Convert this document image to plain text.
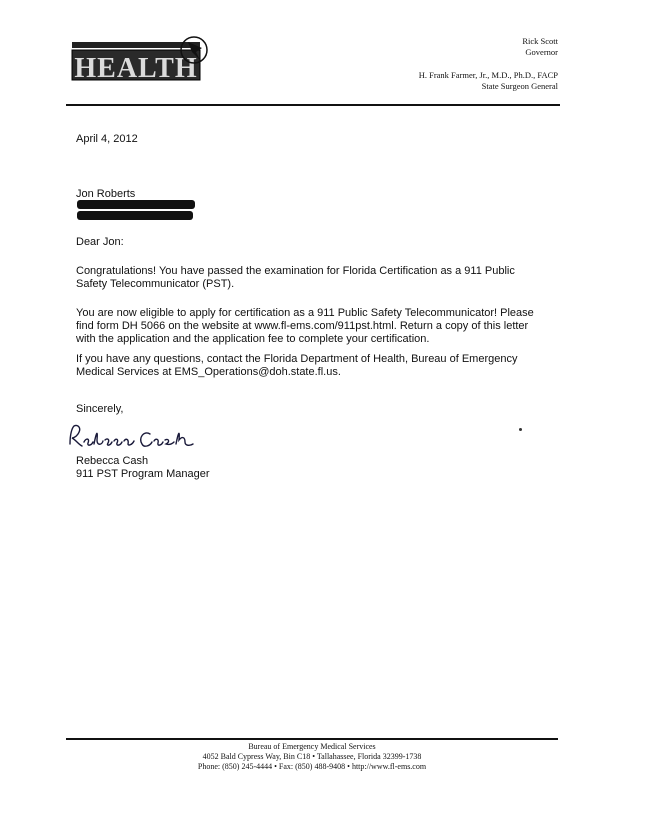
HEALTH
Rick Scott
Governor
H. Frank Farmer, Jr., M.D., Ph.D., FACP
State Surgeon General
April 4, 2012
Jon Roberts
Dear Jon:
Congratulations! You have passed the examination for Florida Certification as a 911 Public
Safety Telecommunicator (PST).
You are now eligible to apply for certification as a 911 Public Safety Telecommunicator! Please
find form DH 5066 on the website at www.fl-ems.com/911pst.html. Return a copy of this letter
with the application and the application fee to complete your certification.
If you have any questions, contact the Florida Department of Health, Bureau of Emergency
Medical Services at EMS_Operations@doh.state.fl.us.
Sincerely,
Rebecca Cash
911 PST Program Manager
Bureau of Emergency Medical Services
4052 Bald Cypress Way, Bin C18 • Tallahassee, Florida 32399-1738
Phone: (850) 245-4444 • Fax: (850) 488-9408 • http://www.fl-ems.com
